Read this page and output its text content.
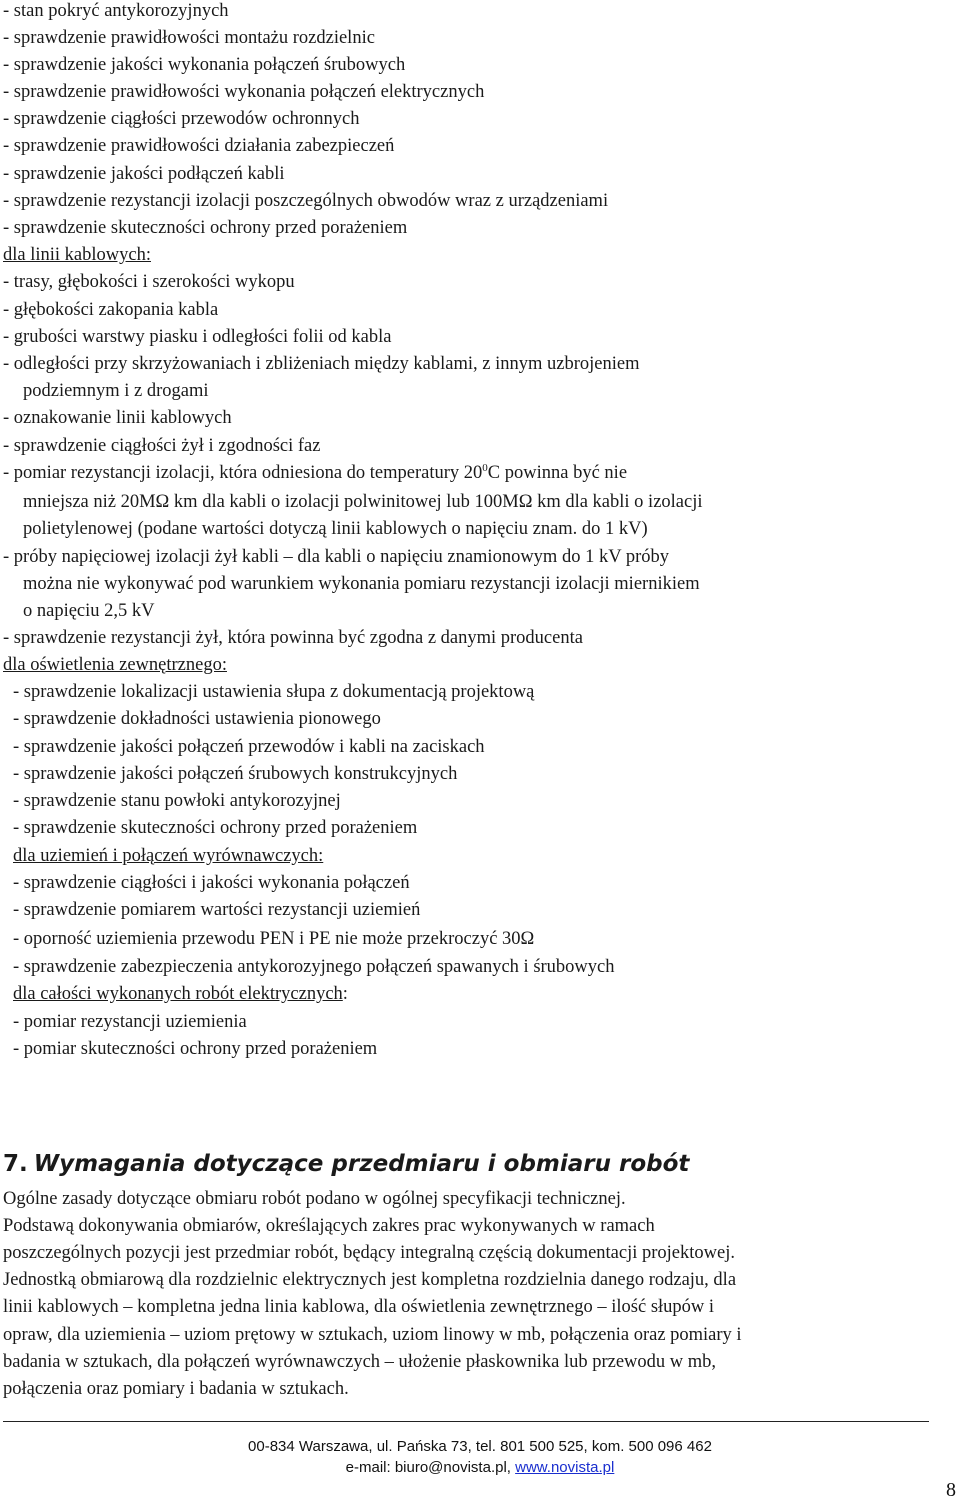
- stan pokryć antykorozyjnych

- sprawdzenie prawidłowości montażu rozdzielnic

- sprawdzenie jakości wykonania połączeń śrubowych

- sprawdzenie prawidłowości wykonania połączeń elektrycznych

- sprawdzenie ciągłości przewodów ochronnych

- sprawdzenie prawidłowości działania zabezpieczeń

- sprawdzenie jakości podłączeń kabli

- sprawdzenie rezystancji izolacji poszczególnych obwodów wraz z urządzeniami

- sprawdzenie skuteczności ochrony przed porażeniem

dla linii kablowych:

- trasy, głębokości i szerokości wykopu

- głębokości zakopania kabla

- grubości warstwy piasku i odległości folii od kabla

- odległości przy skrzyżowaniach i zbliżeniach między kablami, z innym uzbrojeniem

podziemnym i z drogami

- oznakowanie linii kablowych

- sprawdzenie ciągłości żył i zgodności faz

- pomiar rezystancji izolacji, która odniesiona do temperatury $20^0C$ powinna być nie

mniejsza niż 20MΩ km dla kabli o izolacji polwinitowej lub 100MΩ km dla kabli o izolacji

polietylenowej (podane wartości dotyczą linii kablowych o napięciu znam. do 1 kV)

- próby napięciowej izolacji żył kabli – dla kabli o napięciu znamionowym do 1 kV próby

można nie wykonywać pod warunkiem wykonania pomiaru rezystancji izolacji miernikiem

o napięciu 2,5 kV

- sprawdzenie rezystancji żył, która powinna być zgodna z danymi producenta

dla oświetlenia zewnętrznego:

- sprawdzenie lokalizacji ustawienia słupa z dokumentacją projektową

- sprawdzenie dokładności ustawienia pionowego

- sprawdzenie jakości połączeń przewodów i kabli na zaciskach

- sprawdzenie jakości połączeń śrubowych konstrukcyjnych

- sprawdzenie stanu powłoki antykorozyjnej

- sprawdzenie skuteczności ochrony przed porażeniem

dla uziemień i połączeń wyrównawczych:

- sprawdzenie ciągłości i jakości wykonania połączeń

- sprawdzenie pomiarem wartości rezystancji uziemień

- oporność uziemienia przewodu PEN i PE nie może przekroczyć 30Ω

- sprawdzenie zabezpieczenia antykorozyjnego połączeń spawanych i śrubowych

dla całości wykonanych robót elektrycznych:

- pomiar rezystancji uziemienia

- pomiar skuteczności ochrony przed porażeniem

7. Wymagania dotyczące przedmiaru i obmiaru robót

Ogólne zasady dotyczące obmiaru robót podano w ogólnej specyfikacji technicznej.

Podstawą dokonywania obmiarów, określających zakres prac wykonywanych w ramach

poszczególnych pozycji jest przedmiar robót, będący integralną częścią dokumentacji projektowej.

Jednostką obmiarową dla rozdzielnic elektrycznych jest kompletna rozdzielnia danego rodzaju, dla

linii kablowych – kompletna jedna linia kablowa, dla oświetlenia zewnętrznego – ilość słupów i

opraw, dla uziemienia – uziom prętowy w sztukach, uziom linowy w mb, połączenia oraz pomiary i

badania w sztukach, dla połączeń wyrównawczych – ułożenie płaskownika lub przewodu w mb,

połączenia oraz pomiary i badania w sztukach.

00-834 Warszawa, ul. Pańska 73, tel. 801 500 525, kom. 500 096 462

e-mail: biuro@novista.pl, www.novista.pl

8
